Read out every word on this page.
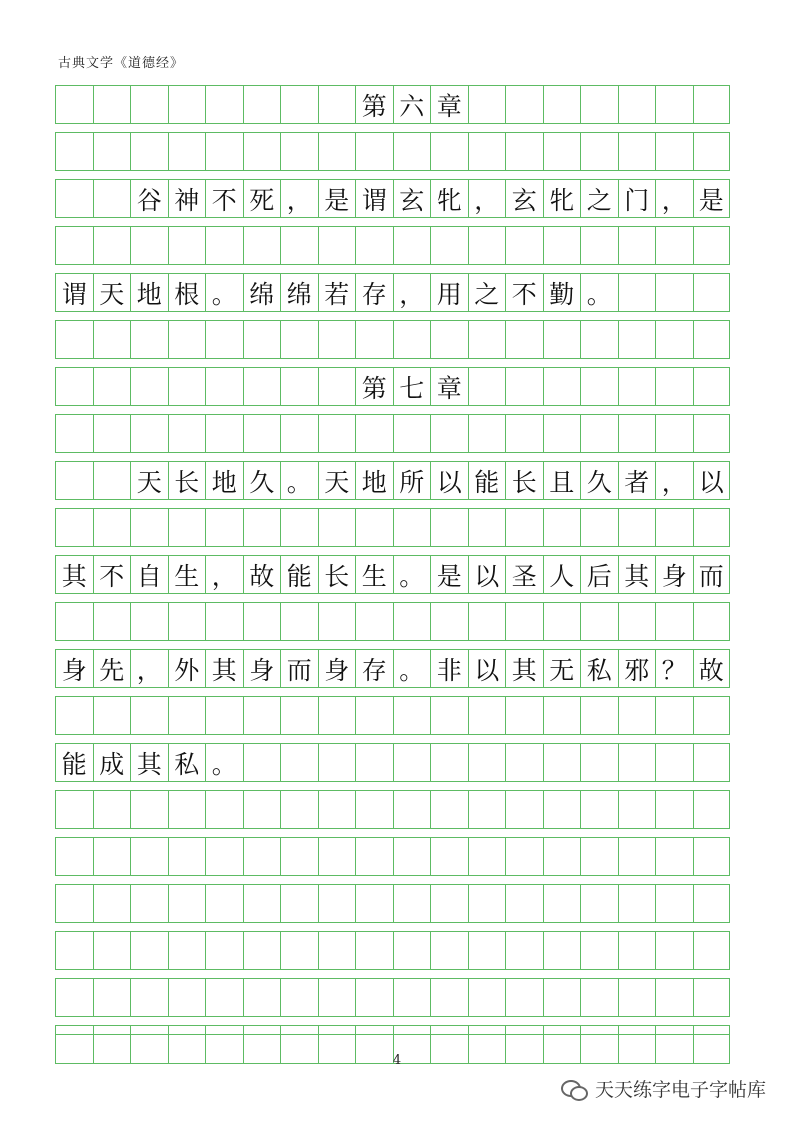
古典文学《道德经》
第 六 章
谷 神 不 死 ， 是 谓 玄 牝 ， 玄 牝 之 门 ， 是
谓 天 地 根 。 绵 绵 若 存 ， 用 之 不 勤 。
第 七 章
天 长 地 久 。 天 地 所 以 能 长 且 久 者 ， 以
其 不 自 生 ， 故 能 长 生 。 是 以 圣 人 后 其 身 而
身 先 ， 外 其 身 而 身 存 。 非 以 其 无 私 邪 ？ 故
能 成 其 私 。
4
天天练字电子字帖库
